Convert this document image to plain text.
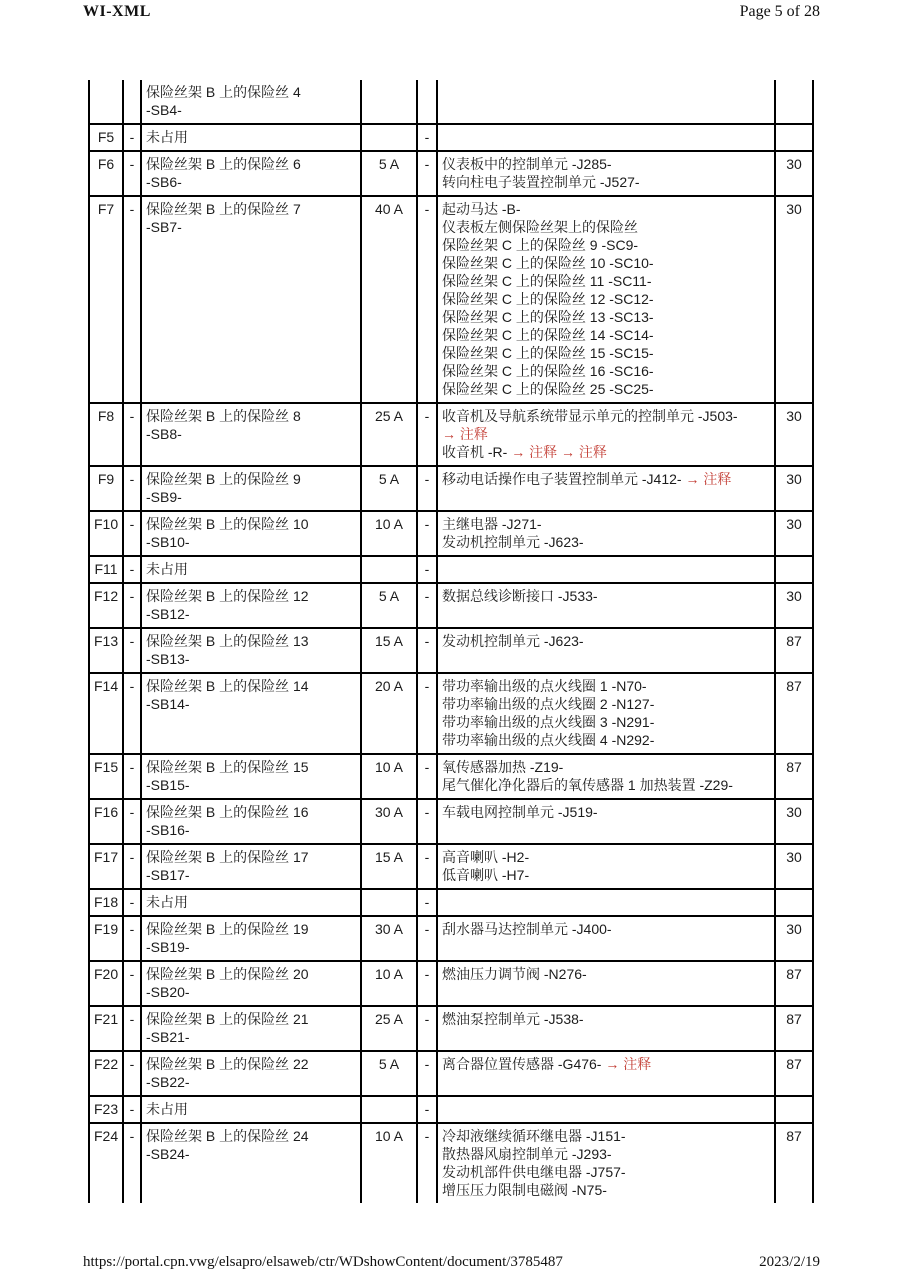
WI-XML	Page 5 of 28

		保险丝架 B 上的保险丝 4
-SB4-				

F5	-	未占用		-		
F6	-	保险丝架 B 上的保险丝 6
-SB6-	5 A	-	仪表板中的控制单元 -J285-
转向柱电子装置控制单元 -J527-	30
F7	-	保险丝架 B 上的保险丝 7
-SB7-
	40 A	-	起动马达 -B-
仪表板左侧保险丝架上的保险丝
保险丝架 C 上的保险丝 9 -SC9-
保险丝架 C 上的保险丝 10 -SC10-
保险丝架 C 上的保险丝 11 -SC11-
保险丝架 C 上的保险丝 12 -SC12-
保险丝架 C 上的保险丝 13 -SC13-
保险丝架 C 上的保险丝 14 -SC14-
保险丝架 C 上的保险丝 15 -SC15-
保险丝架 C 上的保险丝 16 -SC16-
保险丝架 C 上的保险丝 25 -SC25-
	30
F8	-	保险丝架 B 上的保险丝 8
-SB8-	25 A	-	收音机及导航系统带显示单元的控制单元 -J503-
→ 注释
收音机 -R- → 注释 → 注释	30
F9	-	保险丝架 B 上的保险丝 9
-SB9-	5 A	-	移动电话操作电子装置控制单元 -J412- → 注释	30
F10	-	保险丝架 B 上的保险丝 10
-SB10-	10 A	-	主继电器 -J271-
发动机控制单元 -J623-	30
F11	-	未占用		-		
F12	-	保险丝架 B 上的保险丝 12
-SB12-	5 A	-	数据总线诊断接口 -J533-	30
F13	-	保险丝架 B 上的保险丝 13
-SB13-	15 A	-	发动机控制单元 -J623-	87
F14	-	保险丝架 B 上的保险丝 14
-SB14-	20 A	-	带功率输出级的点火线圈 1 -N70-
带功率输出级的点火线圈 2 -N127-
带功率输出级的点火线圈 3 -N291-
带功率输出级的点火线圈 4 -N292-	87
F15	-	保险丝架 B 上的保险丝 15
-SB15-	10 A	-	氧传感器加热 -Z19-
尾气催化净化器后的氧传感器 1 加热装置 -Z29-	87
F16	-	保险丝架 B 上的保险丝 16
-SB16-	30 A	-	车载电网控制单元 -J519-	30
F17	-	保险丝架 B 上的保险丝 17
-SB17-	15 A	-	高音喇叭 -H2-
低音喇叭 -H7-	30
F18	-	未占用		-		
F19	-	保险丝架 B 上的保险丝 19
-SB19-	30 A	-	刮水器马达控制单元 -J400-	30
F20	-	保险丝架 B 上的保险丝 20
-SB20-	10 A	-	燃油压力调节阀 -N276-	87
F21	-	保险丝架 B 上的保险丝 21
-SB21-	25 A	-	燃油泵控制单元 -J538-	87
F22	-	保险丝架 B 上的保险丝 22
-SB22-	5 A	-	离合器位置传感器 -G476- → 注释	87
F23	-	未占用		-		
F24	-	保险丝架 B 上的保险丝 24
-SB24-	10 A	-	冷却液继续循环继电器 -J151-
散热器风扇控制单元 -J293-
发动机部件供电继电器 -J757-
增压压力限制电磁阀 -N75-	87
https://portal.cpn.vwg/elsapro/elsaweb/ctr/WDshowContent/document/3785487	2023/2/19
